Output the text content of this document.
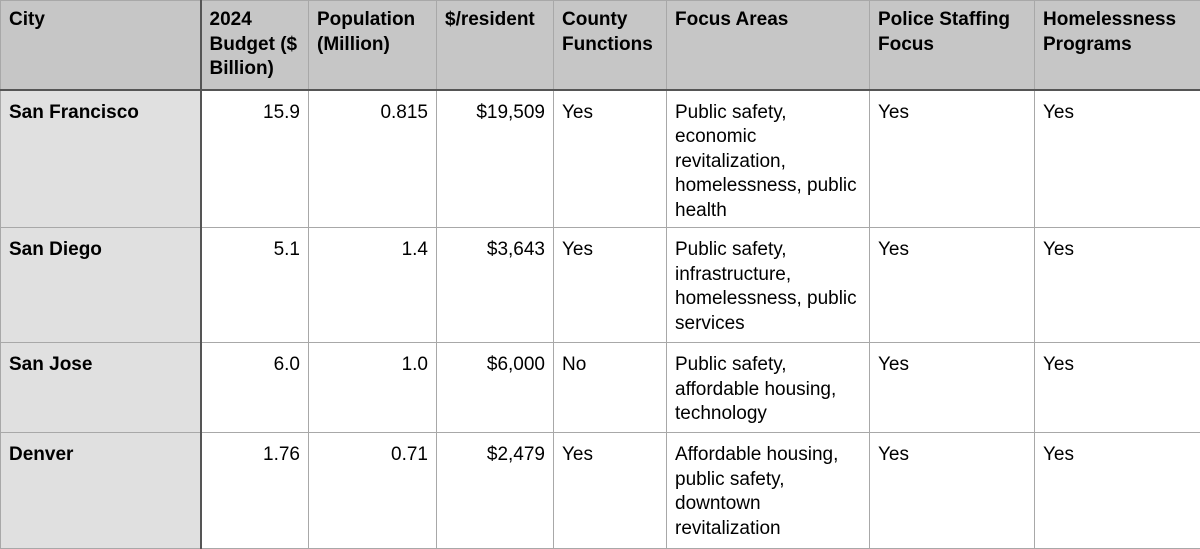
City	2024 Budget ($ Billion)	Population (Million)	$/resident	County Functions	Focus Areas	Police Staffing Focus	Homelessness Programs
San Francisco	15.9	0.815	$19,509	Yes	Public safety, economic revitalization, homelessness, public health	Yes	Yes
San Diego	5.1	1.4	$3,643	Yes	Public safety, infrastructure, homelessness, public services	Yes	Yes
San Jose	6.0	1.0	$6,000	No	Public safety, affordable housing, technology	Yes	Yes
Denver	1.76	0.71	$2,479	Yes	Affordable housing, public safety, downtown revitalization	Yes	Yes
